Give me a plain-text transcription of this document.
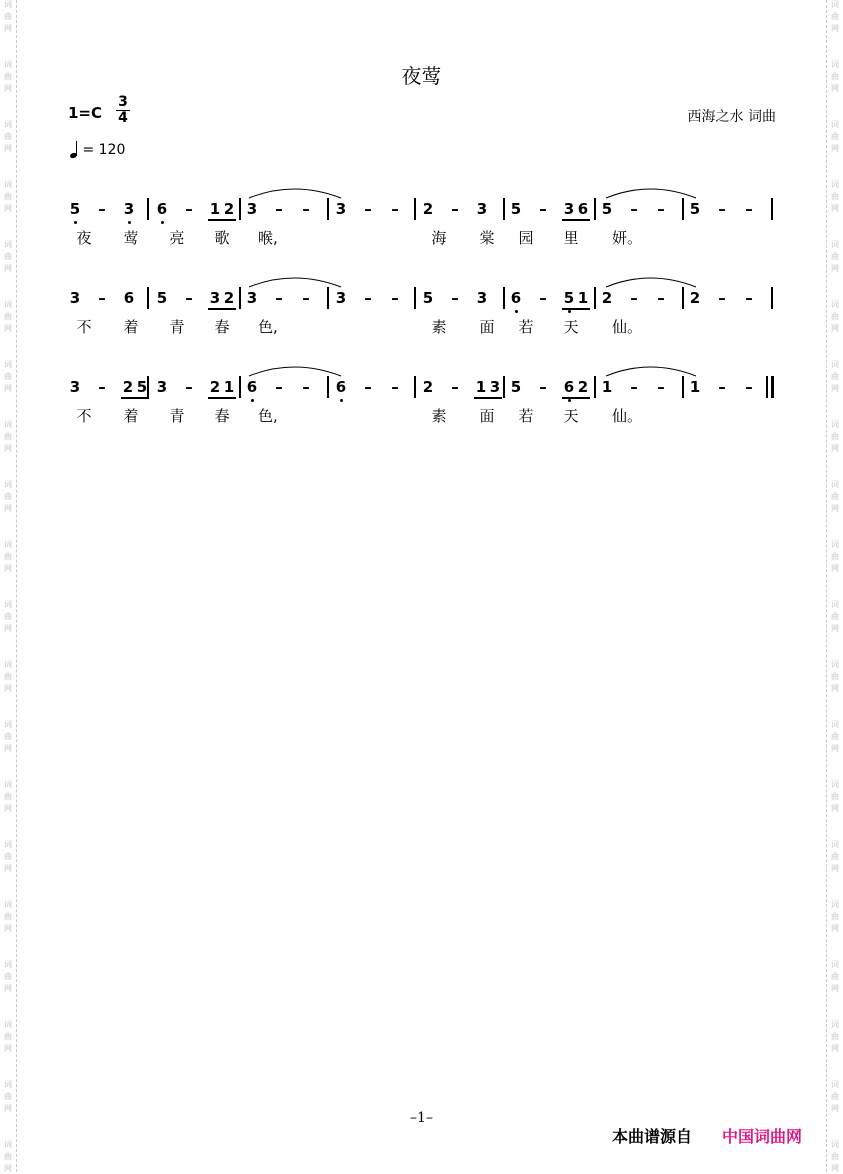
词
曲
网
词
曲
网
词
曲
网
词
曲
网
词
曲
网
词
曲
网
词
曲
网
词
曲
网
词
曲
网
词
曲
网
词
曲
网
词
曲
网
词
曲
网
词
曲
网
词
曲
网
词
曲
网
词
曲
网
词
曲
网
词
曲
网
词
曲
网
词
曲
网
词
曲
网
词
曲
网
词
曲
网
词
曲
网
词
曲
网
词
曲
网
词
曲
网
词
曲
网
词
曲
网
词
曲
网
词
曲
网
词
曲
网
词
曲
网
词
曲
网
词
曲
网
词
曲
网
词
曲
网
词
曲
网
词
曲
网
夜莺
1=C
3
4
= 120
西海之水 词曲
5 – 3 6 – 1 2 3 – – 3 – – 2 – 3 5 – 3 6 5 – – 5 – –
夜 莺 亮 歌 喉,	海 棠 园 里 妍。
3 – 6 5 – 3 2 3 – – 3 – – 5 – 3 6 – 5 1 2 – – 2 – –
不 着 青 春 色,	素 面 若 天 仙。
3 – 2 5 3 – 2 1 6 – – 6 – – 2 – 1 3 5 – 6 2 1 – – 1 – –
不 着 青 春 色,	素 面 若 天 仙。
–1–
本曲谱源自 中国词曲网
